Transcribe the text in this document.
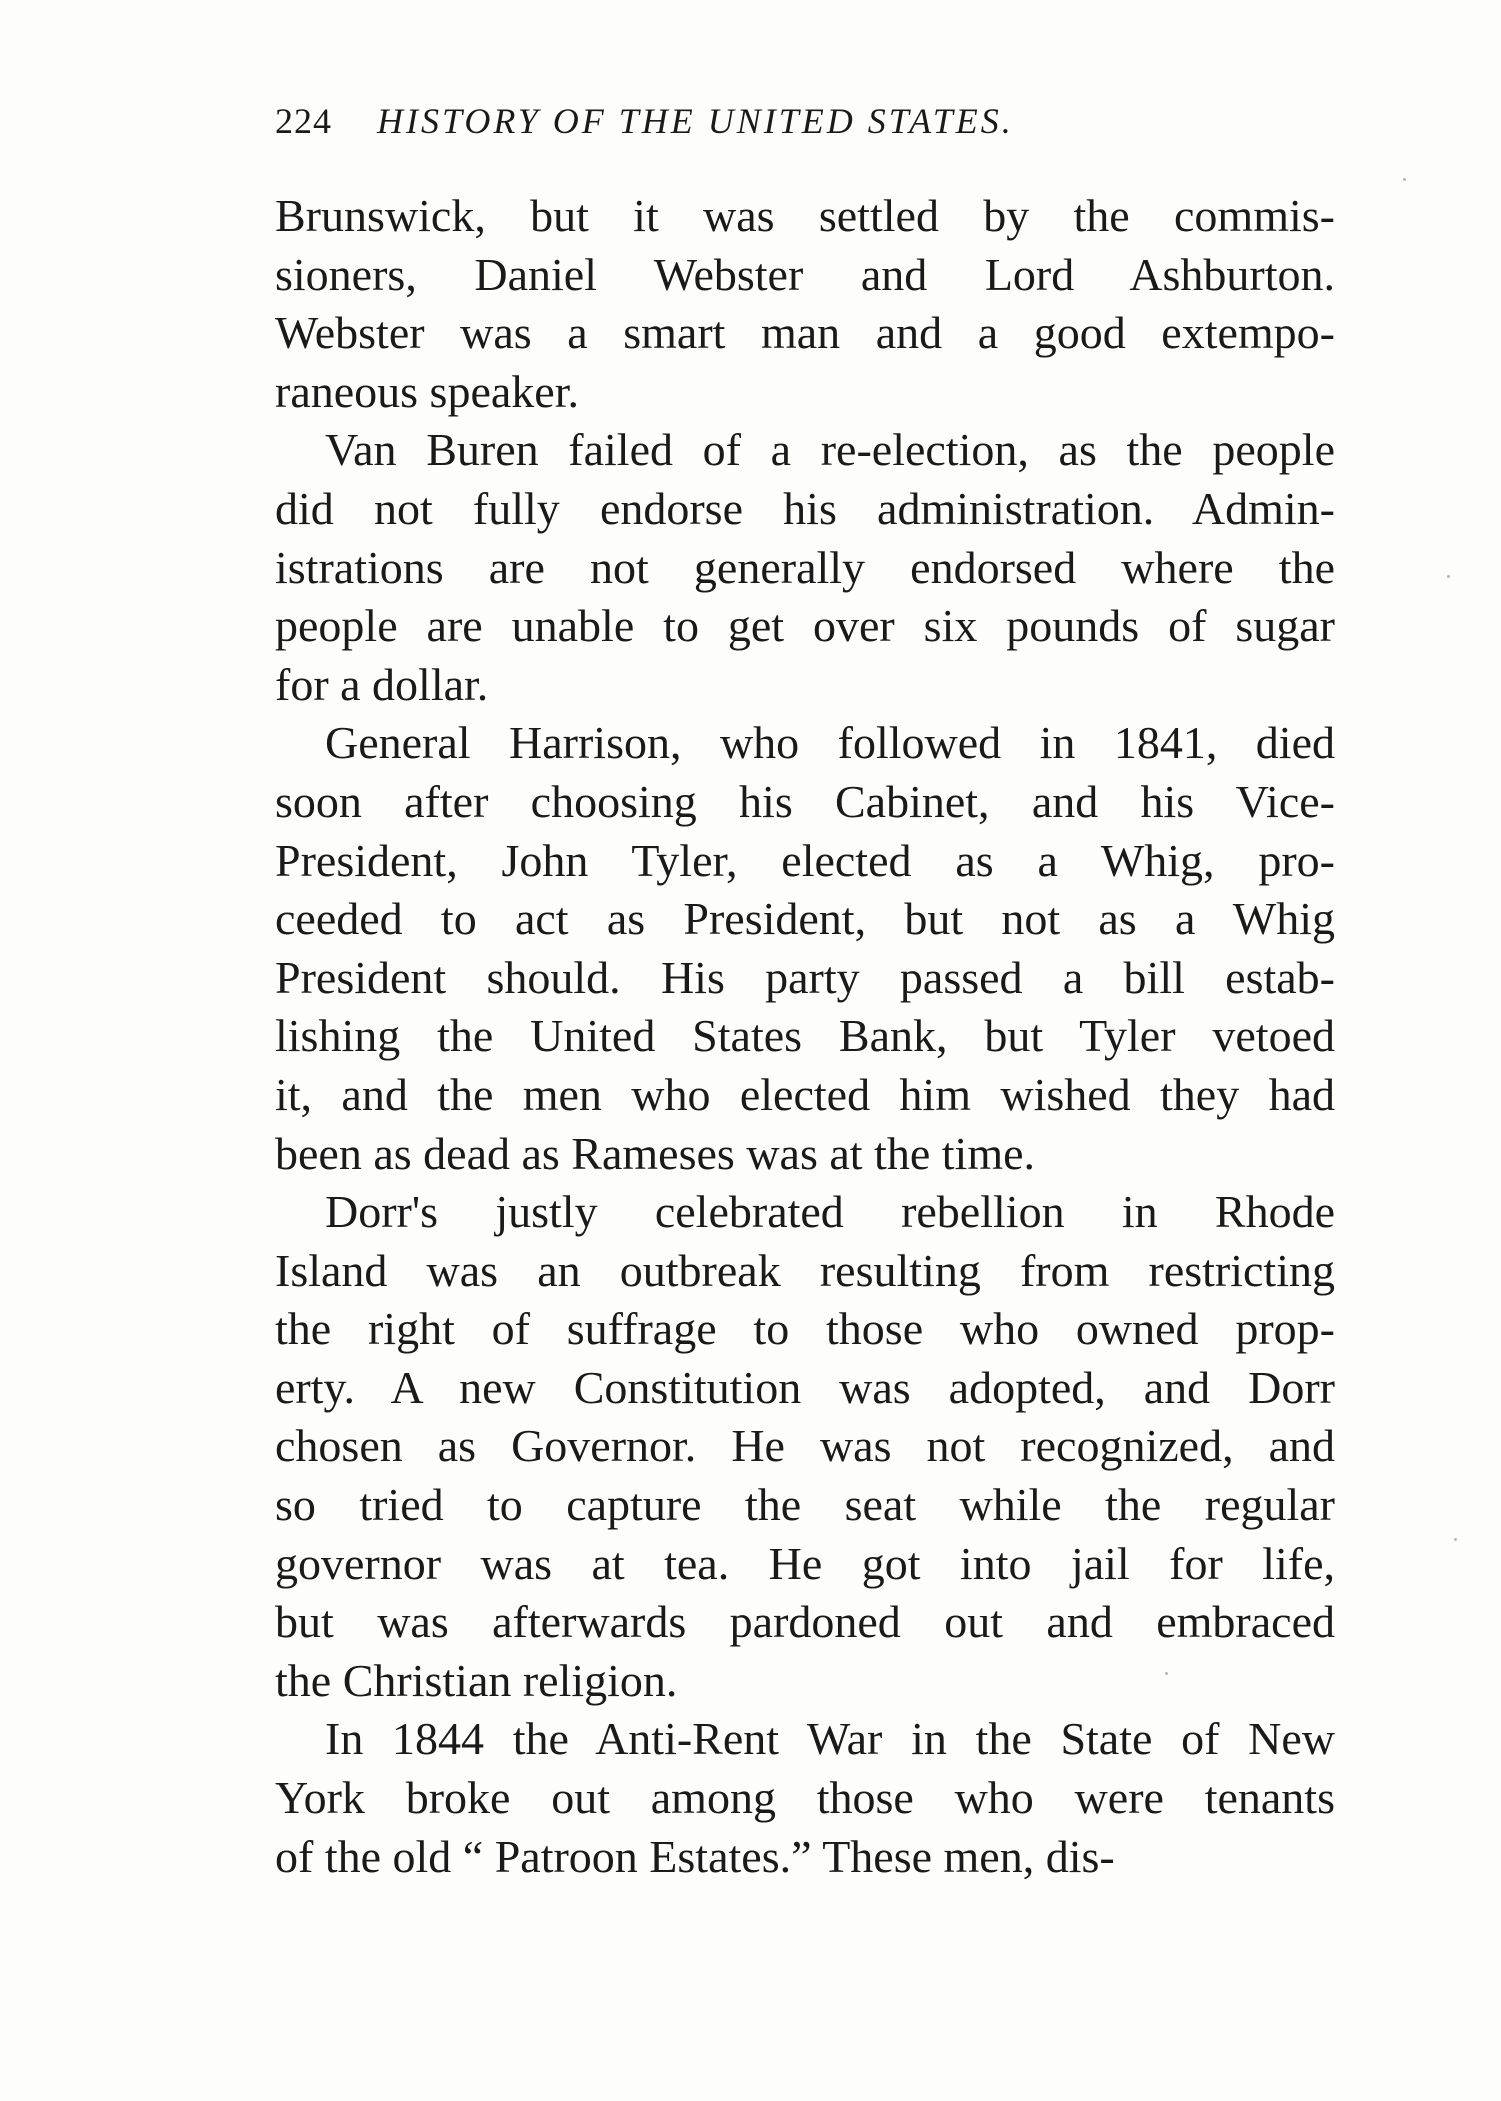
224 HISTORY OF THE UNITED STATES.
Brunswick, but it was settled by the commis-
sioners, Daniel Webster and Lord Ashburton.
Webster was a smart man and a good extempo-
raneous speaker.
Van Buren failed of a re-election, as the people
did not fully endorse his administration. Admin-
istrations are not generally endorsed where the
people are unable to get over six pounds of sugar
for a dollar.
General Harrison, who followed in 1841, died
soon after choosing his Cabinet, and his Vice-
President, John Tyler, elected as a Whig, pro-
ceeded to act as President, but not as a Whig
President should. His party passed a bill estab-
lishing the United States Bank, but Tyler vetoed
it, and the men who elected him wished they had
been as dead as Rameses was at the time.
Dorr's justly celebrated rebellion in Rhode
Island was an outbreak resulting from restricting
the right of suffrage to those who owned prop-
erty. A new Constitution was adopted, and Dorr
chosen as Governor. He was not recognized, and
so tried to capture the seat while the regular
governor was at tea. He got into jail for life,
but was afterwards pardoned out and embraced
the Christian religion.
In 1844 the Anti-Rent War in the State of New
York broke out among those who were tenants
of the old “ Patroon Estates.” These men, dis-
